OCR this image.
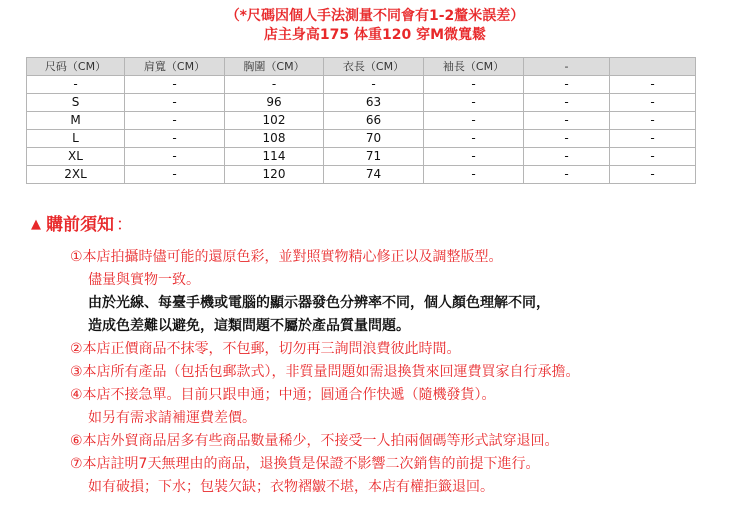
（*尺碼因個人手法測量不同會有1-2釐米誤差）
店主身高175 体重120 穿M微寬鬆
尺码（CM）	肩寬（CM）	胸圍（CM）	衣長（CM）	袖長（CM）	-	
-	-	-	-	-	-	-
S	-	96	63	-	-	-
M	-	102	66	-	-	-
L	-	108	70	-	-	-
XL	-	114	71	-	-	-
2XL	-	120	74	-	-	-
▲ 購前須知 ：
①本店拍攝時儘可能的還原色彩，並對照實物精心修正以及調整版型。
儘量與實物一致。
由於光線、每臺手機或電腦的顯示器發色分辨率不同，個人顏色理解不同，
造成色差難以避免，這類問題不屬於產品質量問題。
②本店正價商品不抹零，不包郵，切勿再三詢問浪費彼此時間。
③本店所有產品（包括包郵款式），非質量問題如需退換貨來回運費買家自行承擔。
④本店不接急單。目前只跟申通；中通；圓通合作快遞（隨機發貨）。
如另有需求請補運費差價。
⑥本店外貿商品居多有些商品數量稀少，不接受一人拍兩個碼等形式試穿退回。
⑦本店註明7天無理由的商品，退換貨是保證不影響二次銷售的前提下進行。
如有破損；下水；包裝欠缺；衣物褶皺不堪，本店有權拒籤退回。
